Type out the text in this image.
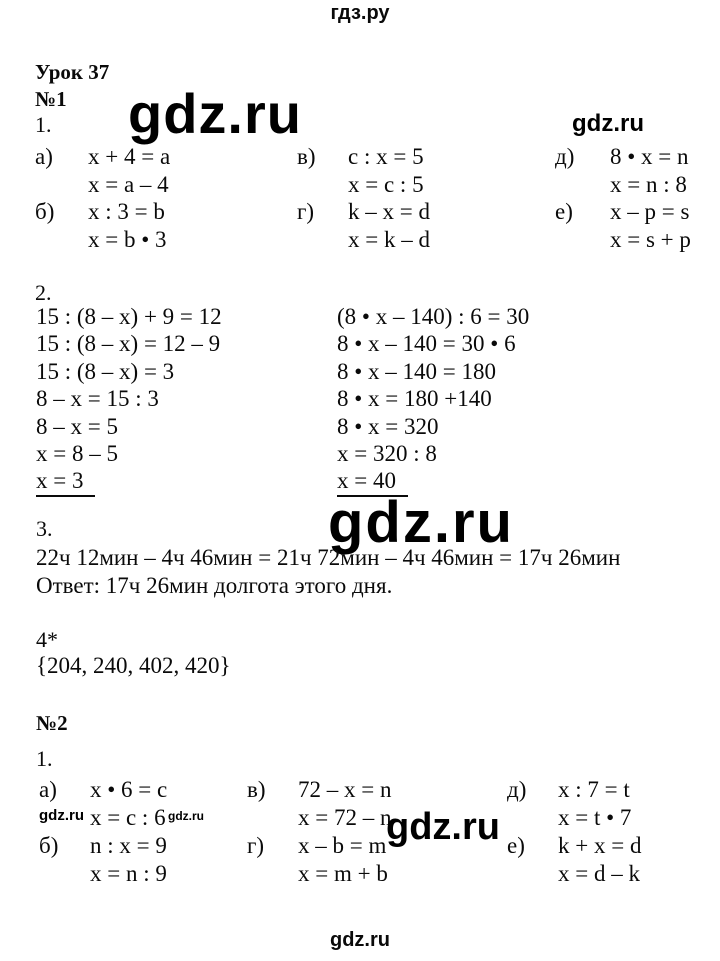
гдз.ру
Урок 37
№1
1. gdz.ru	gdz.ru
а)	x + 4 = a
x = a – 4
б)	x : 3 = b
x = b • 3
в)	c : x = 5
x = c : 5
г)	k – x = d
x = k – d
д)	8 • x = n
x = n : 8
е)	x – p = s
x = s + p
2.
15 : (8 – x) + 9 = 12
15 : (8 – x) = 12 – 9
15 : (8 – x) = 3
8 – x = 15 : 3
8 – x = 5
x = 8 – 5
x = 3
(8 • x – 140) : 6 = 30
8 • x – 140 = 30 • 6
8 • x – 140 = 180
8 • x = 180 +140
8 • x = 320
x = 320 : 8
x = 40
gdz.ru
3.
22ч 12мин – 4ч 46мин = 21ч 72мин – 4ч 46мин = 17ч 26мин
Ответ: 17ч 26мин долгота этого дня.
4*
{204, 240, 402, 420}
№2
1.
а)	x • 6 = c
x = c : 6
б)	n : x = 9
x = n : 9
в)	72 – x = n
x = 72 – n
г)	x – b = m
x = m + b
д)	x : 7 = t
x = t • 7
е)	k + x = d
x = d – k
gdz.ru	gdz.ru	gdz.ru
gdz.ru
